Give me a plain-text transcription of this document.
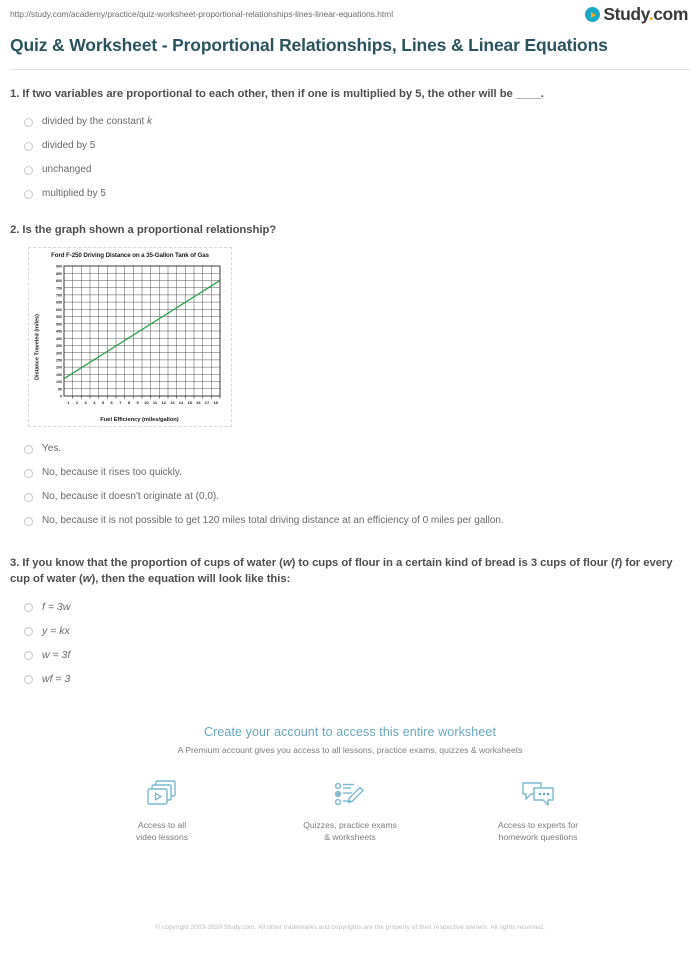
http://study.com/academy/practice/quiz-worksheet-proportional-relationships-lines-linear-equations.html	Study.com
Quiz & Worksheet - Proportional Relationships, Lines & Linear Equations
1. If two variables are proportional to each other, then if one is multiplied by 5, the other will be ____.
divided by the constant k
divided by 5
unchanged
multiplied by 5
2. Is the graph shown a proportional relationship?
Ford F-250 Driving Distance on a 35-Gallon Tank of Gas
Distance Traveled (miles)
0
50
100
150
200
250
300
350
400
450
500
550
600
650
700
750
800
850
900
1 2 3 4 5 6 7 8 9 10 11 12 13 14 15 16 17 18
Fuel Efficiency (miles/gallon)
Yes.
No, because it rises too quickly.
No, because it doesn't originate at (0,0).
No, because it is not possible to get 120 miles total driving distance at an efficiency of 0 miles per gallon.
3. If you know that the proportion of cups of water (w) to cups of flour in a certain kind of bread is 3 cups of flour (f) for every cup of water (w), then the equation will look like this:
f = 3w
y = kx
w = 3f
wf = 3
Create your account to access this entire worksheet
A Premium account gives you access to all lessons, practice exams, quizzes & worksheets
Access to all
video lessons
Quizzes, practice exams
& worksheets
Access to experts for
homework questions
© copyright 2003-2020 Study.com. All other trademarks and copyrights are the property of their respective owners. All rights reserved.
